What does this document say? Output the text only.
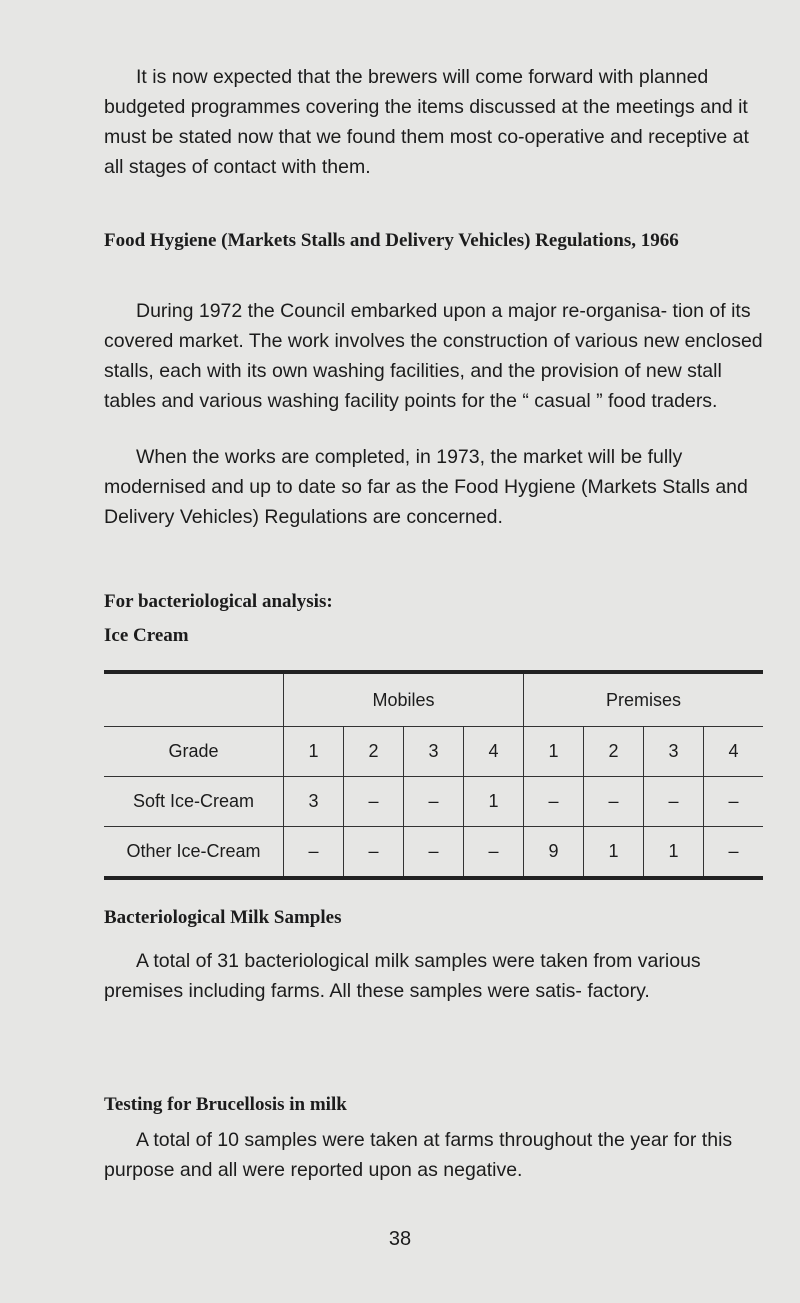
It is now expected that the brewers will come forward with planned budgeted programmes covering the items discussed at the meetings and it must be stated now that we found them most co-operative and receptive at all stages of contact with them.

Food Hygiene (Markets Stalls and Delivery Vehicles) Regulations, 1966

During 1972 the Council embarked upon a major re-organisa- tion of its covered market. The work involves the construction of various new enclosed stalls, each with its own washing facilities, and the provision of new stall tables and various washing facility points for the “ casual ” food traders.

When the works are completed, in 1973, the market will be fully modernised and up to date so far as the Food Hygiene (Markets Stalls and Delivery Vehicles) Regulations are concerned.

For bacteriological analysis:

Ice Cream

	Mobiles				Premises			
Grade	1	2	3	4	1	2	3	4
Soft Ice-Cream	3	–	–	1	–	–	–	–
Other Ice-Cream	–	–	–	–	9	1	1	–

Bacteriological Milk Samples

A total of 31 bacteriological milk samples were taken from various premises including farms. All these samples were satis- factory.

Testing for Brucellosis in milk

A total of 10 samples were taken at farms throughout the year for this purpose and all were reported upon as negative.

38
